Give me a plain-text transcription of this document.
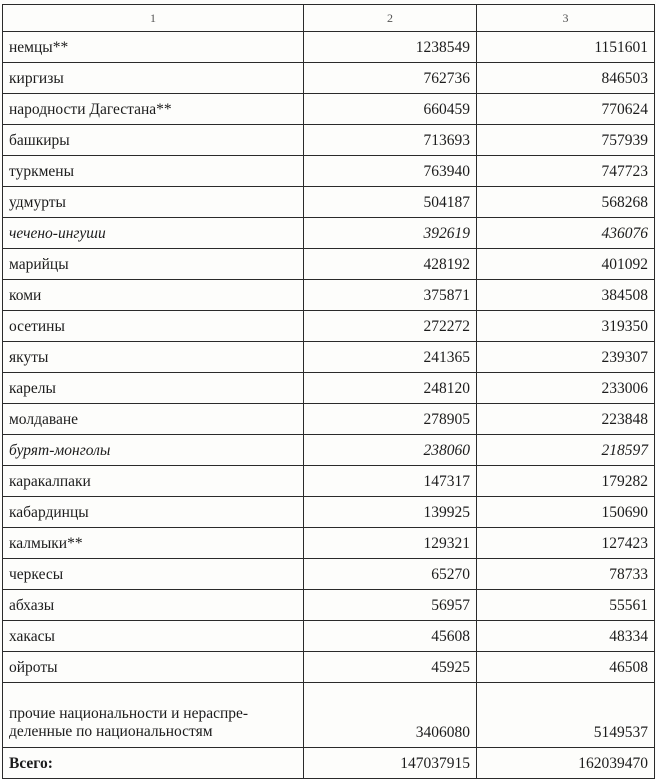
1	2	3
немцы**	1238549	1151601
киргизы	762736	846503
народности Дагестана**	660459	770624
башкиры	713693	757939
туркмены	763940	747723
удмурты	504187	568268
чечено-ингуши	392619	436076
марийцы	428192	401092
коми	375871	384508
осетины	272272	319350
якуты	241365	239307
карелы	248120	233006
молдаване	278905	223848
бурят-монголы	238060	218597
каракалпаки	147317	179282
кабардинцы	139925	150690
калмыки**	129321	127423
черкесы	65270	78733
абхазы	56957	55561
хакасы	45608	48334
ойроты	45925	46508
прочие национальности и нераспре-деленные по национальностям	3406080	5149537
Всего:	147037915	162039470
